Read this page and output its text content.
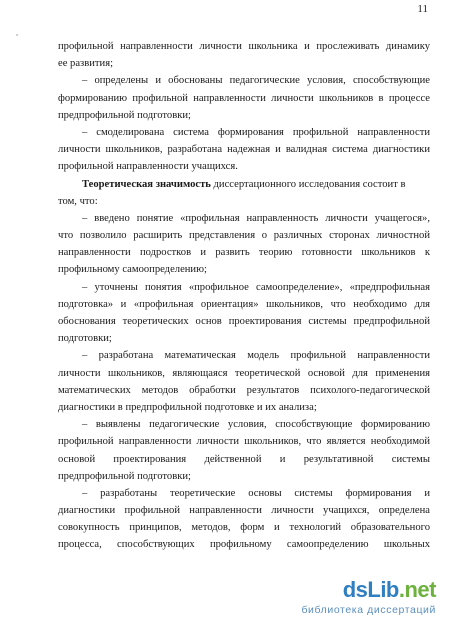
11
профильной направленности личности школьника и прослеживать динамику
ее развития;
– определены и обоснованы педагогические условия, способствующие
формированию профильной направленности личности школьников в процессе
предпрофильной подготовки;
– смоделирована система формирования профильной направленности
личности школьников, разработана надежная и валидная система диагностики
профильной направленности учащихся.
Теоретическая значимость диссертационного исследования состоит в
том, что:
– введено понятие «профильная направленность личности учащегося»,
что позволило расширить представления о различных сторонах личностной
направленности подростков и развить теорию готовности школьников к
профильному самоопределению;
– уточнены понятия «профильное самоопределение», «предпрофильная
подготовка» и «профильная ориентация» школьников, что необходимо для
обоснования теоретических основ проектирования системы предпрофильной
подготовки;
– разработана математическая модель профильной направленности
личности школьников, являющаяся теоретической основой для применения
математических методов обработки результатов психолого-педагогической
диагностики в предпрофильной подготовке и их анализа;
– выявлены педагогические условия, способствующие формированию
профильной направленности личности школьников, что является необходимой
основой проектирования действенной и результативной системы
предпрофильной подготовки;
– разработаны теоретические основы системы формирования и
диагностики профильной направленности личности учащихся, определена
совокупность принципов, методов, форм и технологий образовательного
процесса, способствующих профильному самоопределению школьных
dsLib.net
библиотека диссертаций
